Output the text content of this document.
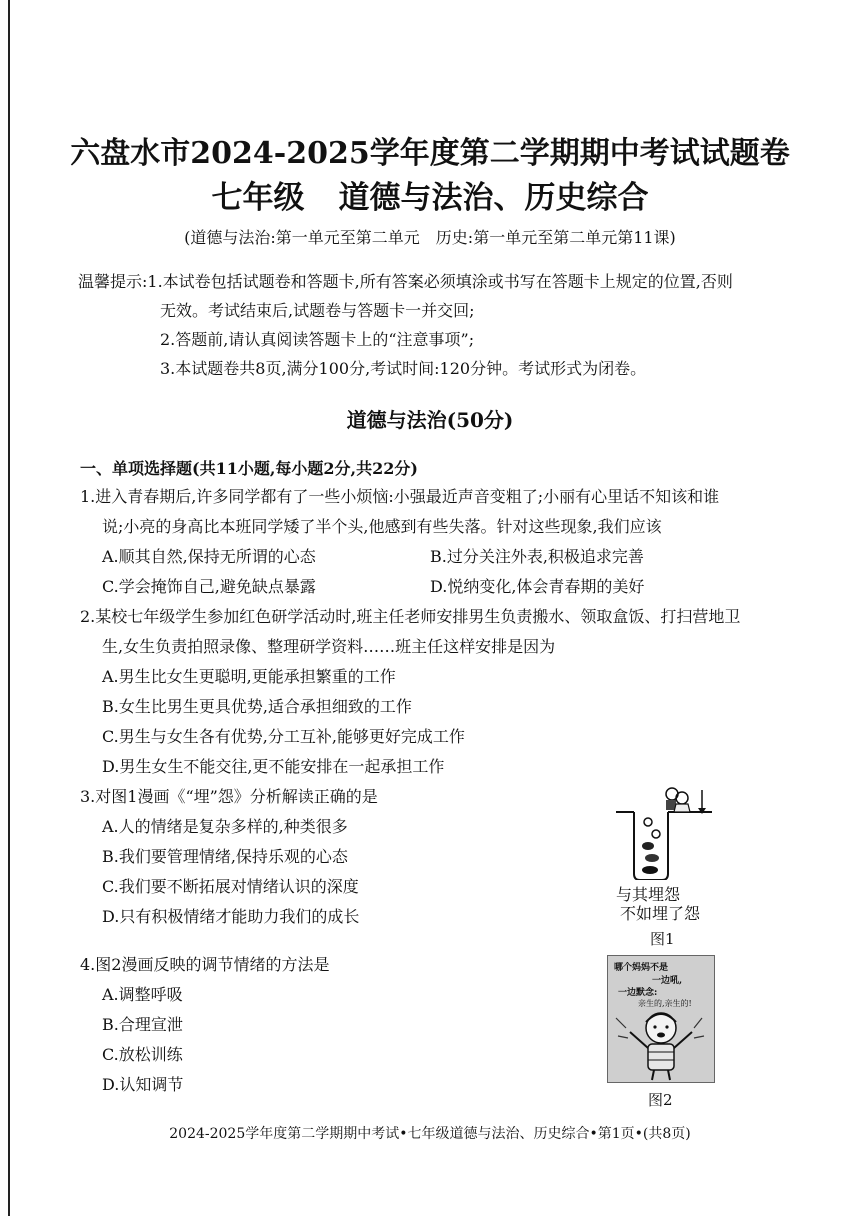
六盘水市2024-2025学年度第二学期期中考试试题卷
七年级 道德与法治、历史综合
(道德与法治:第一单元至第二单元　历史:第一单元至第二单元第11课)
温馨提示:1.本试卷包括试题卷和答题卡,所有答案必须填涂或书写在答题卡上规定的位置,否则
无效。考试结束后,试题卷与答题卡一并交回;
2.答题前,请认真阅读答题卡上的“注意事项”;
3.本试题卷共8页,满分100分,考试时间:120分钟。考试形式为闭卷。
道德与法治(50分)
一、单项选择题(共11小题,每小题2分,共22分)
1.进入青春期后,许多同学都有了一些小烦恼:小强最近声音变粗了;小丽有心里话不知该和谁
说;小亮的身高比本班同学矮了半个头,他感到有些失落。针对这些现象,我们应该
A.顺其自然,保持无所谓的心态	B.过分关注外表,积极追求完善
C.学会掩饰自己,避免缺点暴露	D.悦纳变化,体会青春期的美好
2.某校七年级学生参加红色研学活动时,班主任老师安排男生负责搬水、领取盒饭、打扫营地卫
生,女生负责拍照录像、整理研学资料……班主任这样安排是因为
A.男生比女生更聪明,更能承担繁重的工作
B.女生比男生更具优势,适合承担细致的工作
C.男生与女生各有优势,分工互补,能够更好完成工作
D.男生女生不能交往,更不能安排在一起承担工作
3.对图1漫画《“埋”怨》分析解读正确的是
A.人的情绪是复杂多样的,种类很多
B.我们要管理情绪,保持乐观的心态
C.我们要不断拓展对情绪认识的深度
D.只有积极情绪才能助力我们的成长
与其埋怨
不如埋了怨
图1
4.图2漫画反映的调节情绪的方法是
A.调整呼吸
B.合理宣泄
C.放松训练
D.认知调节
哪个妈妈不是
一边吼,
一边默念:
亲生的,亲生的!
图2
2024-2025学年度第二学期期中考试•七年级道德与法治、历史综合•第1页•(共8页)
